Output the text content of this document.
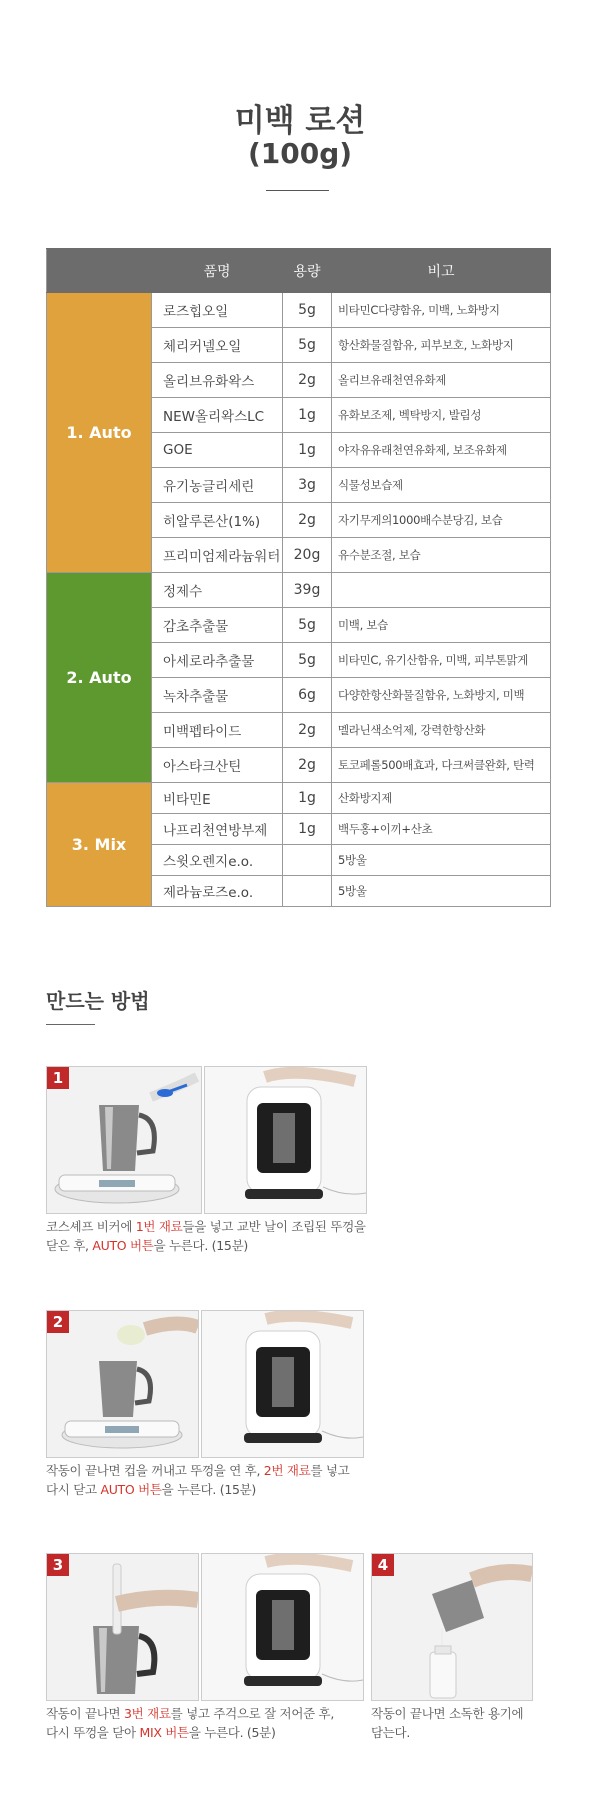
미백 로션
(100g)
	품명	용량	비고
1. Auto	로즈힙오일	5g	비타민C다량함유, 미백, 노화방지
	체리커넬오일	5g	항산화물질함유, 피부보호, 노화방지
	올리브유화왁스	2g	올리브유래천연유화제
	NEW올리왁스LC	1g	유화보조제, 벡탁방지, 발림성
	GOE	1g	야자유유래천연유화제, 보조유화제
	유기농글리세린	3g	식물성보습제
	히알루론산(1%)	2g	자기무게의1000배수분당김, 보습
	프리미엄제라늄워터	20g	유수분조절, 보습
2. Auto	정제수	39g	
	감초추출물	5g	미백, 보습
	아세로라추출물	5g	비타민C, 유기산함유, 미백, 피부톤맑게
	녹차추출물	6g	다양한항산화물질함유, 노화방지, 미백
	미백펩타이드	2g	멜라닌색소억제, 강력한항산화
	아스타크산틴	2g	토코페롤500배효과, 다크써클완화, 탄력
3. Mix	비타민E	1g	산화방지제
	나프리천연방부제	1g	백두홍+이끼+산초
	스윗오렌지e.o.		5방울
	제라늄로즈e.o.		5방울
만드는 방법
1
코스셰프 비커에 1번 재료들을 넣고 교반 날이 조립된 뚜껑을
닫은 후, AUTO 버튼을 누른다. (15분)
2
작동이 끝나면 컵을 꺼내고 뚜껑을 연 후, 2번 재료를 넣고
다시 닫고 AUTO 버튼을 누른다. (15분)
3
작동이 끝나면 3번 재료를 넣고 주걱으로 잘 저어준 후,
다시 뚜껑을 닫아 MIX 버튼을 누른다. (5분)
4
작동이 끝나면 소독한 용기에
담는다.
